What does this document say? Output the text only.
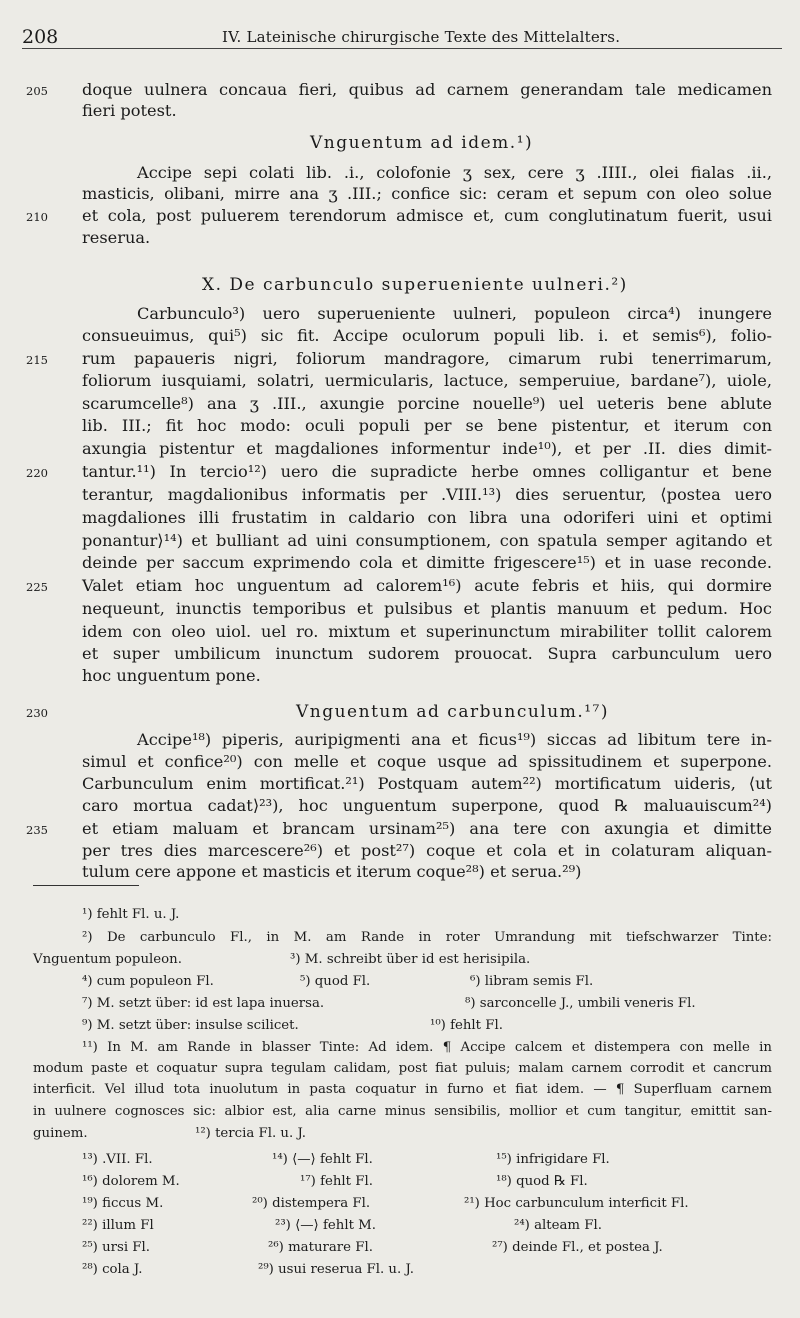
208	IV. Lateinische chirurgische Texte des Mittelalters.
205	doque uulnera concaua fieri, quibus ad carnem generandam tale medicamen
fieri potest.
Vnguentum ad idem.¹)
Accipe sepi colati lib. .i., colofonie ʒ sex, cere ʒ .IIII., olei fialas .ii.,
masticis, olibani, mirre ana ʒ .III.; confice sic: ceram et sepum con oleo solue
210	et cola, post puluerem terendorum admisce et, cum conglutinatum fuerit, usui
reserua.
X. De carbunculo superueniente uulneri.²)
Carbunculo³) uero superueniente uulneri, populeon circa⁴) inungere
consueuimus, qui⁵) sic fit. Accipe oculorum populi lib. i. et semis⁶), folio-
215	rum papaueris nigri, foliorum mandragore, cimarum rubi tenerrimarum,
foliorum iusquiami, solatri, uermicularis, lactuce, semperuiue, bardane⁷), uiole,
scarumcelle⁸) ana ʒ .III., axungie porcine nouelle⁹) uel ueteris bene ablute
lib. III.; fit hoc modo: oculi populi per se bene pistentur, et iterum con
axungia pistentur et magdaliones informentur inde¹⁰), et per .II. dies dimit-
220	tantur.¹¹) In tercio¹²) uero die supradicte herbe omnes colligantur et bene
terantur, magdalionibus informatis per .VIII.¹³) dies seruentur, ⟨postea uero
magdaliones illi frustatim in caldario con libra una odoriferi uini et optimi
ponantur⟩¹⁴) et bulliant ad uini consumptionem, con spatula semper agitando et
deinde per saccum exprimendo cola et dimitte frigescere¹⁵) et in uase reconde.
225	Valet etiam hoc unguentum ad calorem¹⁶) acute febris et hiis, qui dormire
nequeunt, inunctis temporibus et pulsibus et plantis manuum et pedum. Hoc
idem con oleo uiol. uel ro. mixtum et superinunctum mirabiliter tollit calorem
et super umbilicum inunctum sudorem prouocat. Supra carbunculum uero
hoc unguentum pone.
230	Vnguentum ad carbunculum.¹⁷)
Accipe¹⁸) piperis, auripigmenti ana et ficus¹⁹) siccas ad libitum tere in-
simul et confice²⁰) con melle et coque usque ad spissitudinem et superpone.
Carbunculum enim mortificat.²¹) Postquam autem²²) mortificatum uideris, ⟨ut
caro mortua cadat⟩²³), hoc unguentum superpone, quod ℞ maluauiscum²⁴)
235	et etiam maluam et brancam ursinam²⁵) ana tere con axungia et dimitte
per tres dies marcescere²⁶) et post²⁷) coque et cola et in colaturam aliquan-
tulum cere appone et masticis et iterum coque²⁸) et serua.²⁹)
¹) fehlt Fl. u. J.
²) De carbunculo Fl., in M. am Rande in roter Umrandung mit tiefschwarzer Tinte:
Vnguentum populeon.	³) M. schreibt über id est herisipila.
⁴) cum populeon Fl.	⁵) quod Fl.	⁶) libram semis Fl.
⁷) M. setzt über: id est lapa inuersa.	⁸) sarconcelle J., umbili veneris Fl.
⁹) M. setzt über: insulse scilicet.	¹⁰) fehlt Fl.
¹¹) In M. am Rande in blasser Tinte: Ad idem. ¶ Accipe calcem et distempera con melle in
modum paste et coquatur supra tegulam calidam, post fiat puluis; malam carnem corrodit et cancrum
interficit. Vel illud tota inuolutum in pasta coquatur in furno et fiat idem. — ¶ Superfluam carnem
in uulnere cognosces sic: albior est, alia carne minus sensibilis, mollior et cum tangitur, emittit san-
guinem.	¹²) tercia Fl. u. J.
¹³) .VII. Fl.	¹⁴) ⟨—⟩ fehlt Fl.	¹⁵) infrigidare Fl.
¹⁶) dolorem M.	¹⁷) fehlt Fl.	¹⁸) quod ℞ Fl.
¹⁹) ficcus M.	²⁰) distempera Fl.	²¹) Hoc carbunculum interficit Fl.
²²) illum Fl	²³) ⟨—⟩ fehlt M.	²⁴) alteam Fl.
²⁵) ursi Fl.	²⁶) maturare Fl.	²⁷) deinde Fl., et postea J.
²⁸) cola J.	²⁹) usui reserua Fl. u. J.
